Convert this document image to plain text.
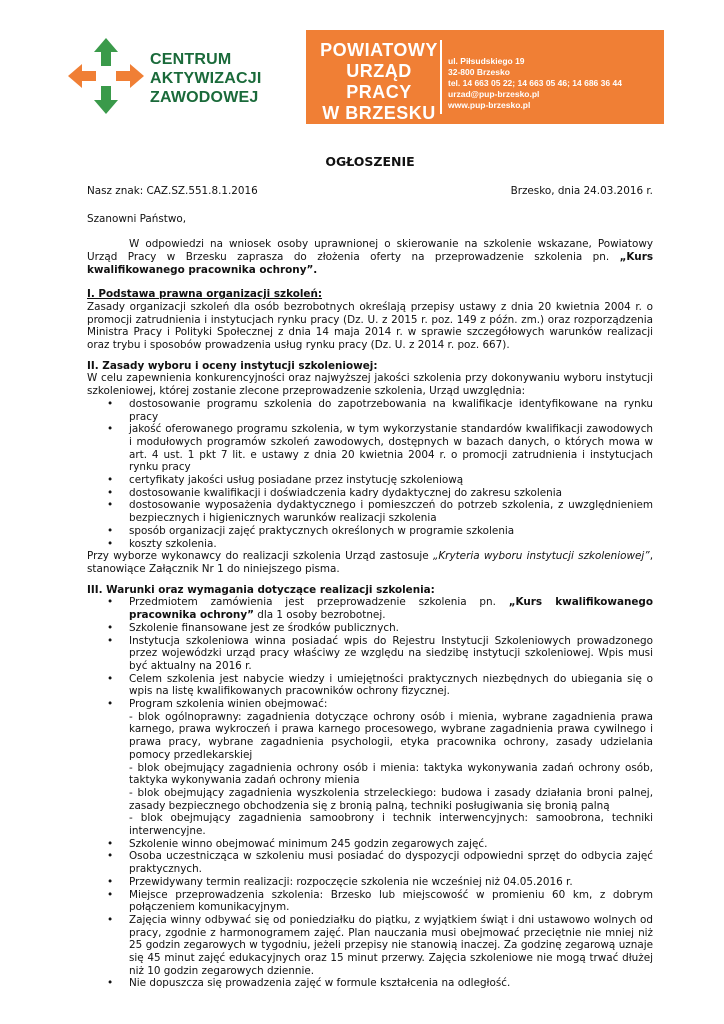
CENTRUM
AKTYWIZACJI
ZAWODOWEJ
POWIATOWY
URZĄD PRACY
W BRZESKU
ul. Piłsudskiego 19
32-800 Brzesko
tel. 14 663 05 22; 14 663 05 46; 14 686 36 44
urzad@pup-brzesko.pl
www.pup-brzesko.pl
OGŁOSZENIE
Nasz znak: CAZ.SZ.551.8.1.2016	Brzesko, dnia 24.03.2016 r.

Szanowni Państwo,

W odpowiedzi na wniosek osoby uprawnionej o skierowanie na szkolenie wskazane, Powiatowy Urząd Pracy w Brzesku zaprasza do złożenia oferty na przeprowadzenie szkolenia pn. „Kurs kwalifikowanego pracownika ochrony”.

I. Podstawa prawna organizacji szkoleń:

Zasady organizacji szkoleń dla osób bezrobotnych określają przepisy ustawy z dnia 20 kwietnia 2004 r. o promocji zatrudnienia i instytucjach rynku pracy (Dz. U. z 2015 r. poz. 149 z późn. zm.) oraz rozporządzenia Ministra Pracy i Polityki Społecznej z dnia 14 maja 2014 r. w sprawie szczegółowych warunków realizacji oraz trybu i sposobów prowadzenia usług rynku pracy (Dz. U. z 2014 r. poz. 667).

II. Zasady wyboru i oceny instytucji szkoleniowej:

W celu zapewnienia konkurencyjności oraz najwyższej jakości szkolenia przy dokonywaniu wyboru instytucji szkoleniowej, której zostanie zlecone przeprowadzenie szkolenia, Urząd uwzględnia:

• dostosowanie programu szkolenia do zapotrzebowania na kwalifikacje identyfikowane na rynku pracy
• jakość oferowanego programu szkolenia, w tym wykorzystanie standardów kwalifikacji zawodowych i modułowych programów szkoleń zawodowych, dostępnych w bazach danych, o których mowa w art. 4 ust. 1 pkt 7 lit. e ustawy z dnia 20 kwietnia 2004 r. o promocji zatrudnienia i instytucjach rynku pracy
• certyfikaty jakości usług posiadane przez instytucję szkoleniową
• dostosowanie kwalifikacji i doświadczenia kadry dydaktycznej do zakresu szkolenia
• dostosowanie wyposażenia dydaktycznego i pomieszczeń do potrzeb szkolenia, z uwzględnieniem bezpiecznych i higienicznych warunków realizacji szkolenia
• sposób organizacji zajęć praktycznych określonych w programie szkolenia
• koszty szkolenia.

Przy wyborze wykonawcy do realizacji szkolenia Urząd zastosuje „Kryteria wyboru instytucji szkoleniowej”, stanowiące Załącznik Nr 1 do niniejszego pisma.

III. Warunki oraz wymagania dotyczące realizacji szkolenia:
• Przedmiotem zamówienia jest przeprowadzenie szkolenia pn. „Kurs kwalifikowanego pracownika ochrony” dla 1 osoby bezrobotnej.
• Szkolenie finansowane jest ze środków publicznych.
• Instytucja szkoleniowa winna posiadać wpis do Rejestru Instytucji Szkoleniowych prowadzonego przez wojewódzki urząd pracy właściwy ze względu na siedzibę instytucji szkoleniowej. Wpis musi być aktualny na 2016 r.
• Celem szkolenia jest nabycie wiedzy i umiejętności praktycznych niezbędnych do ubiegania się o wpis na listę kwalifikowanych pracowników ochrony fizycznej.
• Program szkolenia winien obejmować:
- blok ogólnoprawny: zagadnienia dotyczące ochrony osób i mienia, wybrane zagadnienia prawa karnego, prawa wykroczeń i prawa karnego procesowego, wybrane zagadnienia prawa cywilnego i prawa pracy, wybrane zagadnienia psychologii, etyka pracownika ochrony, zasady udzielania pomocy przedlekarskiej
- blok obejmujący zagadnienia ochrony osób i mienia: taktyka wykonywania zadań ochrony osób, taktyka wykonywania zadań ochrony mienia
- blok obejmujący zagadnienia wyszkolenia strzeleckiego: budowa i zasady działania broni palnej, zasady bezpiecznego obchodzenia się z bronią palną, techniki posługiwania się bronią palną
- blok obejmujący zagadnienia samoobrony i technik interwencyjnych: samoobrona, techniki interwencyjne.
• Szkolenie winno obejmować minimum 245 godzin zegarowych zajęć.
• Osoba uczestnicząca w szkoleniu musi posiadać do dyspozycji odpowiedni sprzęt do odbycia zajęć praktycznych.
• Przewidywany termin realizacji: rozpoczęcie szkolenia nie wcześniej niż 04.05.2016 r.
• Miejsce przeprowadzenia szkolenia: Brzesko lub miejscowość w promieniu 60 km, z dobrym połączeniem komunikacyjnym.
• Zajęcia winny odbywać się od poniedziałku do piątku, z wyjątkiem świąt i dni ustawowo wolnych od pracy, zgodnie z harmonogramem zajęć. Plan nauczania musi obejmować przeciętnie nie mniej niż 25 godzin zegarowych w tygodniu, jeżeli przepisy nie stanowią inaczej. Za godzinę zegarową uznaje się 45 minut zajęć edukacyjnych oraz 15 minut przerwy. Zajęcia szkoleniowe nie mogą trwać dłużej niż 10 godzin zegarowych dziennie.
• Nie dopuszcza się prowadzenia zajęć w formule kształcenia na odległość.
